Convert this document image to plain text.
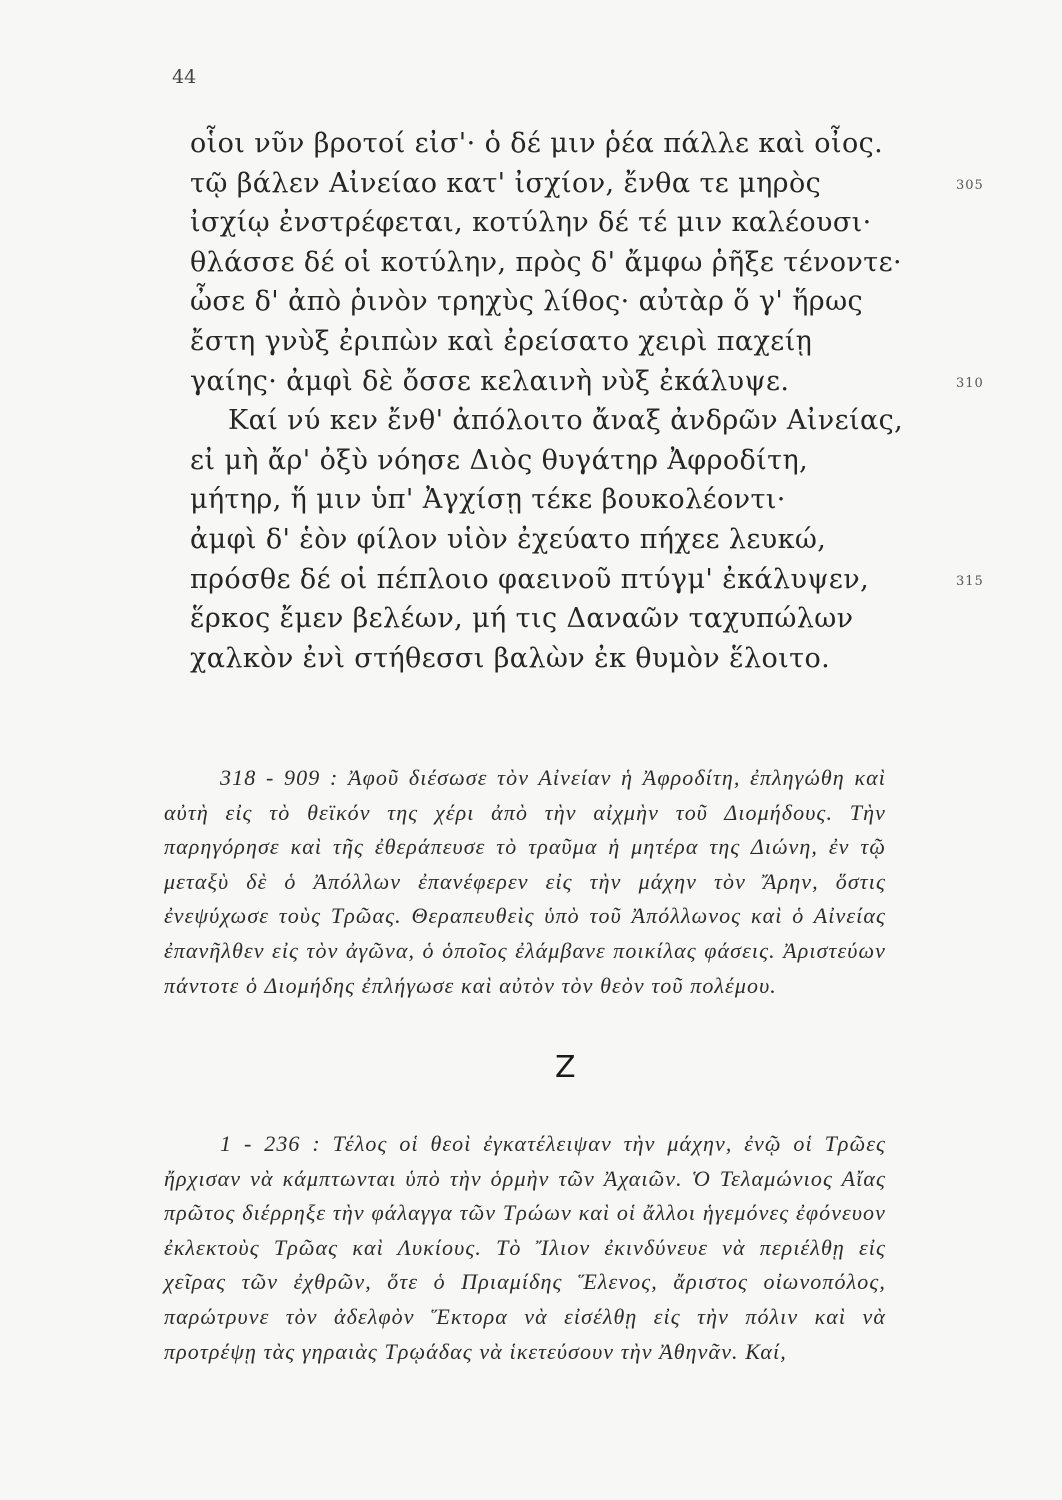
44
οἷοι νῦν βροτοί εἰσ'· ὁ δέ μιν ῥέα πάλλε καὶ οἶος.
τῷ βάλεν Αἰνείαο κατ' ἰσχίον, ἔνθα τε μηρὸς	305
ἰσχίῳ ἐνστρέφεται, κοτύλην δέ τέ μιν καλέουσι·
θλάσσε δέ οἱ κοτύλην, πρὸς δ' ἄμφω ῥῆξε τένοντε·
ὦσε δ' ἀπὸ ῥινὸν τρηχὺς λίθος· αὐτὰρ ὅ γ' ἥρως
ἔστη γνὺξ ἐριπὼν καὶ ἐρείσατο χειρὶ παχείῃ
γαίης· ἀμφὶ δὲ ὄσσε κελαινὴ νὺξ ἐκάλυψε.	310
Καί νύ κεν ἔνθ' ἀπόλοιτο ἄναξ ἀνδρῶν Αἰνείας,
εἰ μὴ ἄρ' ὀξὺ νόησε Διὸς θυγάτηρ Ἀφροδίτη,
μήτηρ, ἥ μιν ὑπ' Ἀγχίσῃ τέκε βουκολέοντι·
ἀμφὶ δ' ἑὸν φίλον υἱὸν ἐχεύατο πήχεε λευκώ,
πρόσθε δέ οἱ πέπλοιο φαεινοῦ πτύγμ' ἐκάλυψεν,	315
ἕρκος ἔμεν βελέων, μή τις Δαναῶν ταχυπώλων
χαλκὸν ἐνὶ στήθεσσι βαλὼν ἐκ θυμὸν ἕλοιτο.

318 - 909 : Ἀφοῦ διέσωσε τὸν Αἰνείαν ἡ Ἀφροδίτη, ἐπληγώθη καὶ αὐτὴ εἰς τὸ θεϊκόν της χέρι ἀπὸ τὴν αἰχμὴν τοῦ Διομήδους. Τὴν παρηγόρησε καὶ τῆς ἐθεράπευσε τὸ τραῦμα ἡ μητέρα της Διώνη, ἐν τῷ μεταξὺ δὲ ὁ Ἀπόλλων ἐπανέφερεν εἰς τὴν μάχην τὸν Ἄρην, ὅστις ἐνεψύχωσε τοὺς Τρῶας. Θεραπευθεὶς ὑπὸ τοῦ Ἀπόλλωνος καὶ ὁ Αἰνείας ἐπανῆλθεν εἰς τὸν ἀγῶνα, ὁ ὁποῖος ἐλάμβανε ποικίλας φάσεις. Ἀριστεύων πάντοτε ὁ Διομήδης ἐπλήγωσε καὶ αὐτὸν τὸν θεὸν τοῦ πολέμου.

Z

1 - 236 : Τέλος οἱ θεοὶ ἐγκατέλειψαν τὴν μάχην, ἐνῷ οἱ Τρῶες ἤρχισαν νὰ κάμπτωνται ὑπὸ τὴν ὁρμὴν τῶν Ἀχαιῶν. Ὁ Τελαμώνιος Αἴας πρῶτος διέρρηξε τὴν φάλαγγα τῶν Τρώων καὶ οἱ ἄλλοι ἡγεμόνες ἐφόνευον ἐκλεκτοὺς Τρῶας καὶ Λυκίους. Τὸ Ἴλιον ἐκινδύνευε νὰ περιέλθῃ εἰς χεῖρας τῶν ἐχθρῶν, ὅτε ὁ Πριαμίδης Ἕλενος, ἄριστος οἰωνοπόλος, παρώτρυνε τὸν ἀδελφὸν Ἕκτορα νὰ εἰσέλθῃ εἰς τὴν πόλιν καὶ νὰ προτρέψῃ τὰς γηραιὰς Τρῳάδας νὰ ἱκετεύσουν τὴν Ἀθηνᾶν. Καί,
